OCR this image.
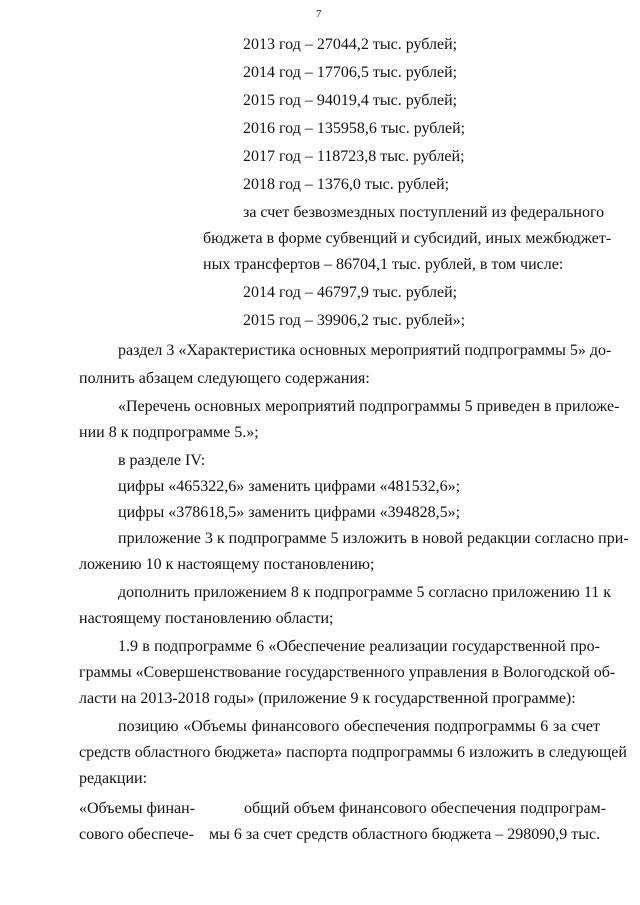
7
2013 год – 27044,2 тыс. рублей;
2014 год – 17706,5 тыс. рублей;
2015 год – 94019,4 тыс. рублей;
2016 год – 135958,6 тыс. рублей;
2017 год – 118723,8 тыс. рублей;
2018 год – 1376,0 тыс. рублей;
за счет безвозмездных поступлений из федерального
бюджета в форме субвенций и субсидий, иных межбюджет-
ных трансфертов – 86704,1 тыс. рублей, в том числе:
2014 год – 46797,9 тыс. рублей;
2015 год – 39906,2 тыс. рублей»;
раздел 3 «Характеристика основных мероприятий подпрограммы 5» до-
полнить абзацем следующего содержания:
«Перечень основных мероприятий подпрограммы 5 приведен в приложе-
нии 8 к подпрограмме 5.»;
в разделе IV:
цифры «465322,6» заменить цифрами «481532,6»;
цифры «378618,5» заменить цифрами «394828,5»;
приложение 3 к подпрограмме 5 изложить в новой редакции согласно при-
ложению 10 к настоящему постановлению;
дополнить приложением 8 к подпрограмме 5 согласно приложению 11 к
настоящему постановлению области;
1.9 в подпрограмме 6 «Обеспечение реализации государственной про-
граммы «Совершенствование государственного управления в Вологодской об-
ласти на 2013-2018 годы» (приложение 9 к государственной программе):
позицию «Объемы финансового обеспечения подпрограммы 6 за счет
средств областного бюджета» паспорта подпрограммы 6 изложить в следующей
редакции:
«Объемы финан-
сового обеспече-
общий объем финансового обеспечения подпрограм-
мы 6 за счет средств областного бюджета – 298090,9 тыс.
